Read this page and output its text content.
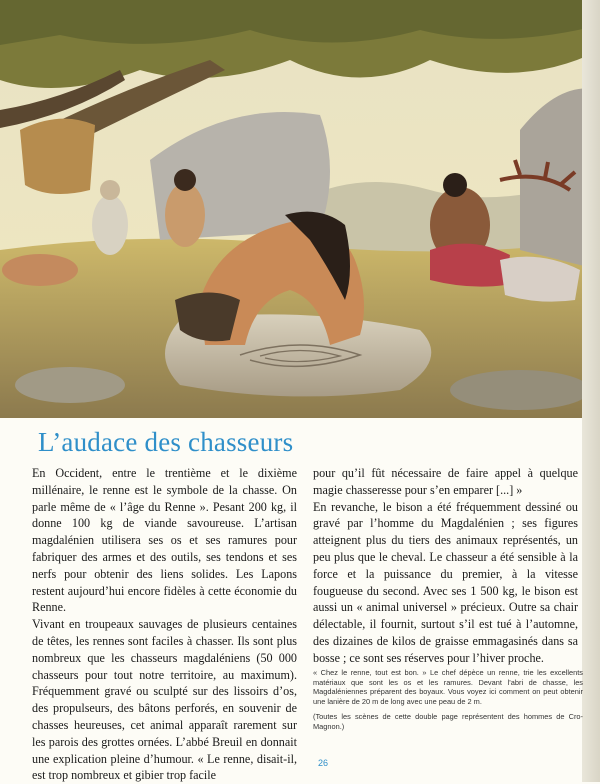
L’audace des chasseurs

En Occident, entre le trentième et le dixième millénaire, le renne est le symbole de la chasse. On parle même de « l’âge du Renne ». Pesant 200 kg, il donne 100 kg de viande savoureuse. L’artisan magdalénien utilisera ses os et ses ramures pour fabriquer des armes et des outils, ses tendons et ses nerfs pour obtenir des liens solides. Les Lapons restent aujourd’hui encore fidèles à cette économie du Renne.

Vivant en troupeaux sauvages de plusieurs centaines de têtes, les rennes sont faciles à chasser. Ils sont plus nombreux que les chasseurs magdaléniens (50 000 chasseurs pour tout notre territoire, au maximum). Fréquemment gravé ou sculpté sur des lissoirs d’os, des propulseurs, des bâtons perforés, en souvenir de chasses heureuses, cet animal apparaît rarement sur les parois des grottes ornées. L’abbé Breuil en donnait une explication pleine d’humour. « Le renne, disait-il, est trop nombreux et gibier trop facile

pour qu’il fût nécessaire de faire appel à quelque magie chasseresse pour s’en emparer [...] »

En revanche, le bison a été fréquemment dessiné ou gravé par l’homme du Magdalénien ; ses figures atteignent plus du tiers des animaux représentés, un peu plus que le cheval. Le chasseur a été sensible à la force et la puissance du premier, à la vitesse fougueuse du second. Avec ses 1 500 kg, le bison est aussi un « animal universel » précieux. Outre sa chair délectable, il fournit, surtout s’il est tué à l’automne, des dizaines de kilos de graisse emmagasinés dans sa bosse ; ce sont ses réserves pour l’hiver proche.

« Chez le renne, tout est bon. » Le chef dépèce un renne, trie les excellents matériaux que sont les os et les ramures. Devant l’abri de chasse, les Magdaléniennes préparent des boyaux. Vous voyez ici comment on peut obtenir une lanière de 20 m de long avec une peau de 2 m.

(Toutes les scènes de cette double page représentent des hommes de Cro-Magnon.)

26
